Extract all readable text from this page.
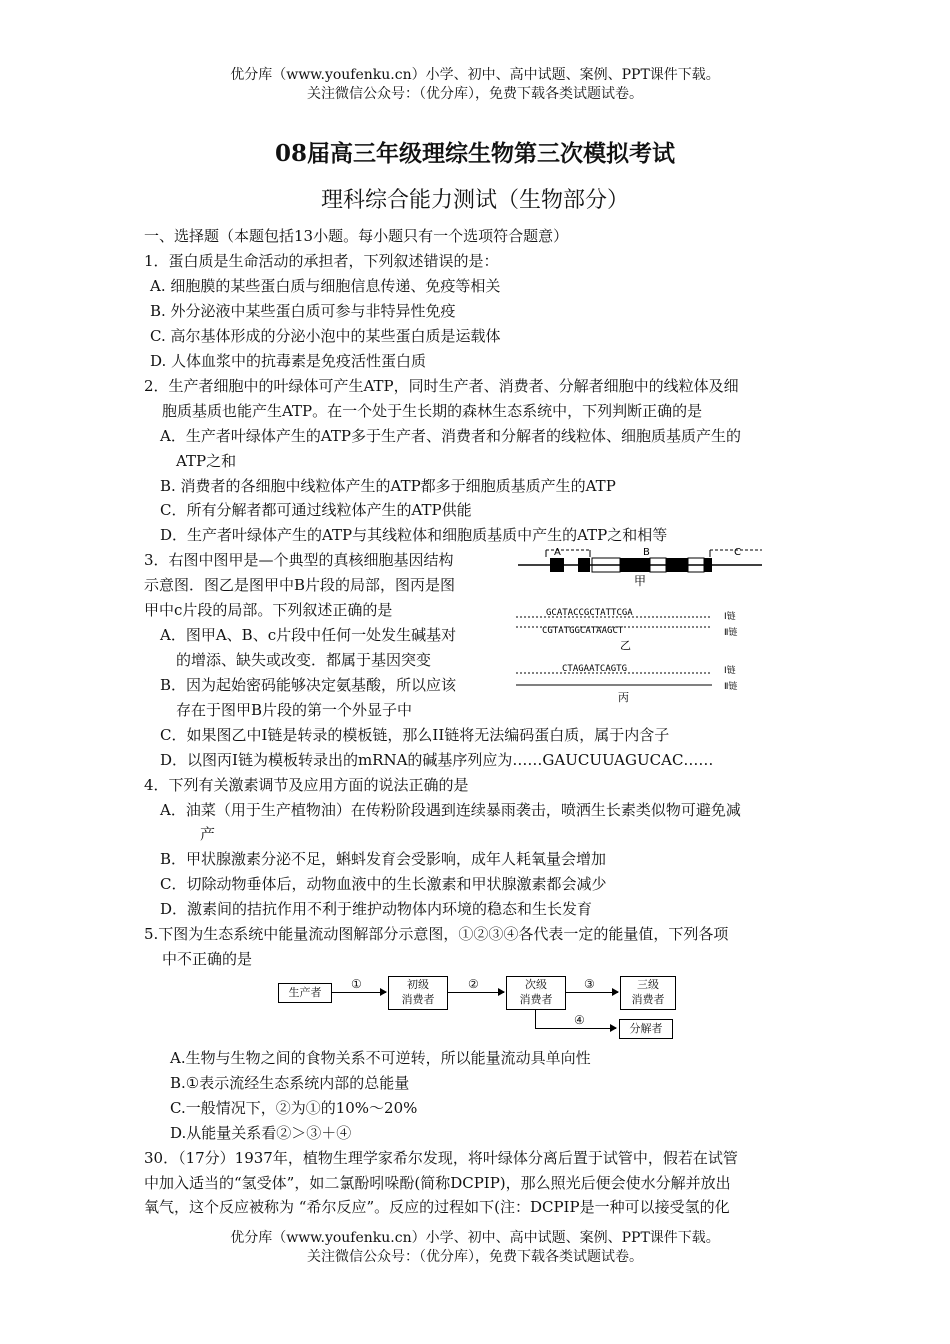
优分库（www.youfenku.cn）小学、初中、高中试题、案例、PPT课件下载。
关注微信公众号：（优分库），免费下载各类试题试卷。
08届高三年级理综生物第三次模拟考试
理科综合能力测试（生物部分）
一、选择题（本题包括13小题。每小题只有一个选项符合题意）
1．蛋白质是生命活动的承担者，下列叙述错误的是：
A. 细胞膜的某些蛋白质与细胞信息传递、免疫等相关
B. 外分泌液中某些蛋白质可参与非特异性免疫
C. 高尔基体形成的分泌小泡中的某些蛋白质是运载体
D. 人体血浆中的抗毒素是免疫活性蛋白质
2．生产者细胞中的叶绿体可产生ATP，同时生产者、消费者、分解者细胞中的线粒体及细
胞质基质也能产生ATP。在一个处于生长期的森林生态系统中，下列判断正确的是
A．生产者叶绿体产生的ATP多于生产者、消费者和分解者的线粒体、细胞质基质产生的
ATP之和
B. 消费者的各细胞中线粒体产生的ATP都多于细胞质基质产生的ATP
C．所有分解者都可通过线粒体产生的ATP供能
D．生产者叶绿体产生的ATP与其线粒体和细胞质基质中产生的ATP之和相等
3．右图中图甲是—个典型的真核细胞基因结构
示意图．图乙是图甲中B片段的局部，图丙是图
甲中c片段的局部。下列叙述正确的是
A．图甲A、B、c片段中任何一处发生碱基对
的增添、缺失或改变．都属于基因突变
B．因为起始密码能够决定氨基酸，所以应该
存在于图甲B片段的第一个外显子中
C．如果图乙中I链是转录的模板链，那么II链将无法编码蛋白质，属于内含子
D．以图丙I链为模板转录出的mRNA的碱基序列应为……GAUCUUAGUCAC……
A	B	C
甲
GCATACCGCTATTCGA
CGTATGGCATAAGCT
Ⅰ链
Ⅱ链
乙
CTAGAATCAGTG	Ⅰ链
Ⅱ链
丙
4．下列有关激素调节及应用方面的说法正确的是
A．油菜（用于生产植物油）在传粉阶段遇到连续暴雨袭击，喷洒生长素类似物可避免减
产
B．甲状腺激素分泌不足，蝌蚪发育会受影响，成年人耗氧量会增加
C．切除动物垂体后，动物血液中的生长激素和甲状腺激素都会减少
D．激素间的拮抗作用不利于维护动物体内环境的稳态和生长发育
5.下图为生态系统中能量流动图解部分示意图，①②③④各代表一定的能量值，下列各项
中不正确的是
生产者
①	初级
消费者
②	次级
消费者
③	三级
消费者
④
分解者
A.生物与生物之间的食物关系不可逆转，所以能量流动具单向性
B.①表示流经生态系统内部的总能量
C.一般情况下，②为①的10%～20%
D.从能量关系看②＞③＋④
30．（17分）1937年，植物生理学家希尔发现，将叶绿体分离后置于试管中，假若在试管
中加入适当的“氢受体”，如二氯酚吲哚酚(简称DCPIP)，那么照光后便会使水分解并放出
氧气，这个反应被称为 “希尔反应”。反应的过程如下(注：DCPIP是一种可以接受氢的化
优分库（www.youfenku.cn）小学、初中、高中试题、案例、PPT课件下载。
关注微信公众号：（优分库），免费下载各类试题试卷。
